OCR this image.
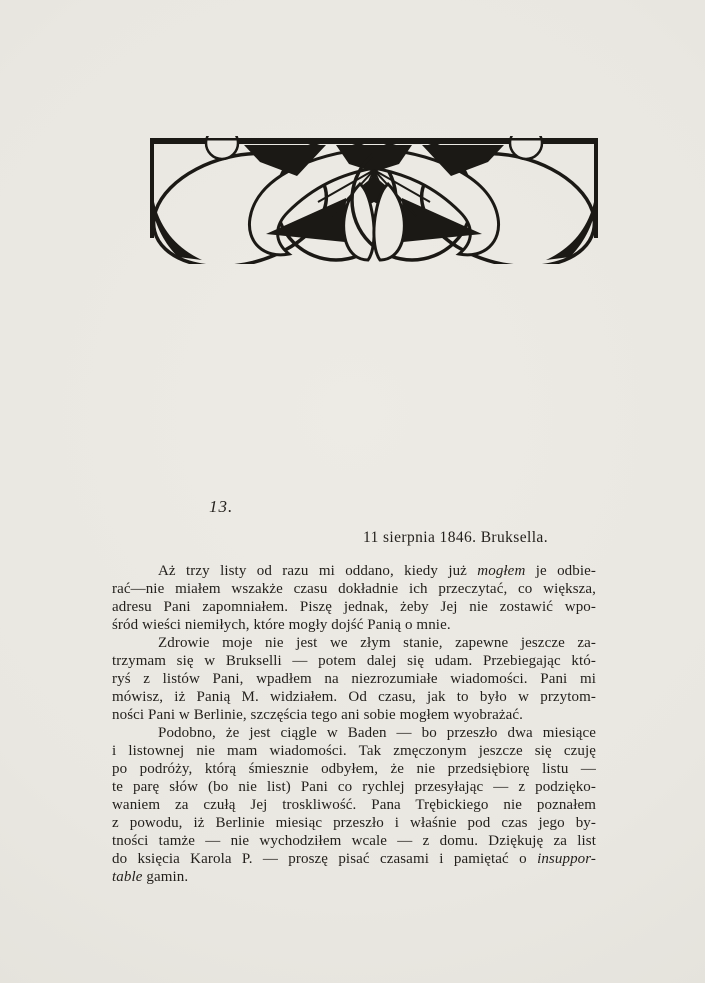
13.
11 sierpnia 1846. Bruksella.
Aż trzy listy od razu mi oddano, kiedy już mogłem je odbie-
rać—nie miałem wszakże czasu dokładnie ich przeczytać, co większa,
adresu Pani zapomniałem. Piszę jednak, żeby Jej nie zostawić wpo-
śród wieści niemiłych, które mogły dojść Panią o mnie.
Zdrowie moje nie jest we złym stanie, zapewne jeszcze za-
trzymam się w Brukselli — potem dalej się udam. Przebiegając któ-
ryś z listów Pani, wpadłem na niezrozumiałe wiadomości. Pani mi
mówisz, iż Panią M. widziałem. Od czasu, jak to było w przytom-
ności Pani w Berlinie, szczęścia tego ani sobie mogłem wyobrażać.
Podobno, że jest ciągle w Baden — bo przeszło dwa miesiące
i listownej nie mam wiadomości. Tak zmęczonym jeszcze się czuję
po podróży, którą śmiesznie odbyłem, że nie przedsiębiorę listu —
te parę słów (bo nie list) Pani co rychlej przesyłając — z podzięko-
waniem za czułą Jej troskliwość. Pana Trębickiego nie poznałem
z powodu, iż Berlinie miesiąc przeszło i właśnie pod czas jego by-
tności tamże — nie wychodziłem wcale — z domu. Dziękuję za list
do księcia Karola P. — proszę pisać czasami i pamiętać o insuppor-
table gamin.
